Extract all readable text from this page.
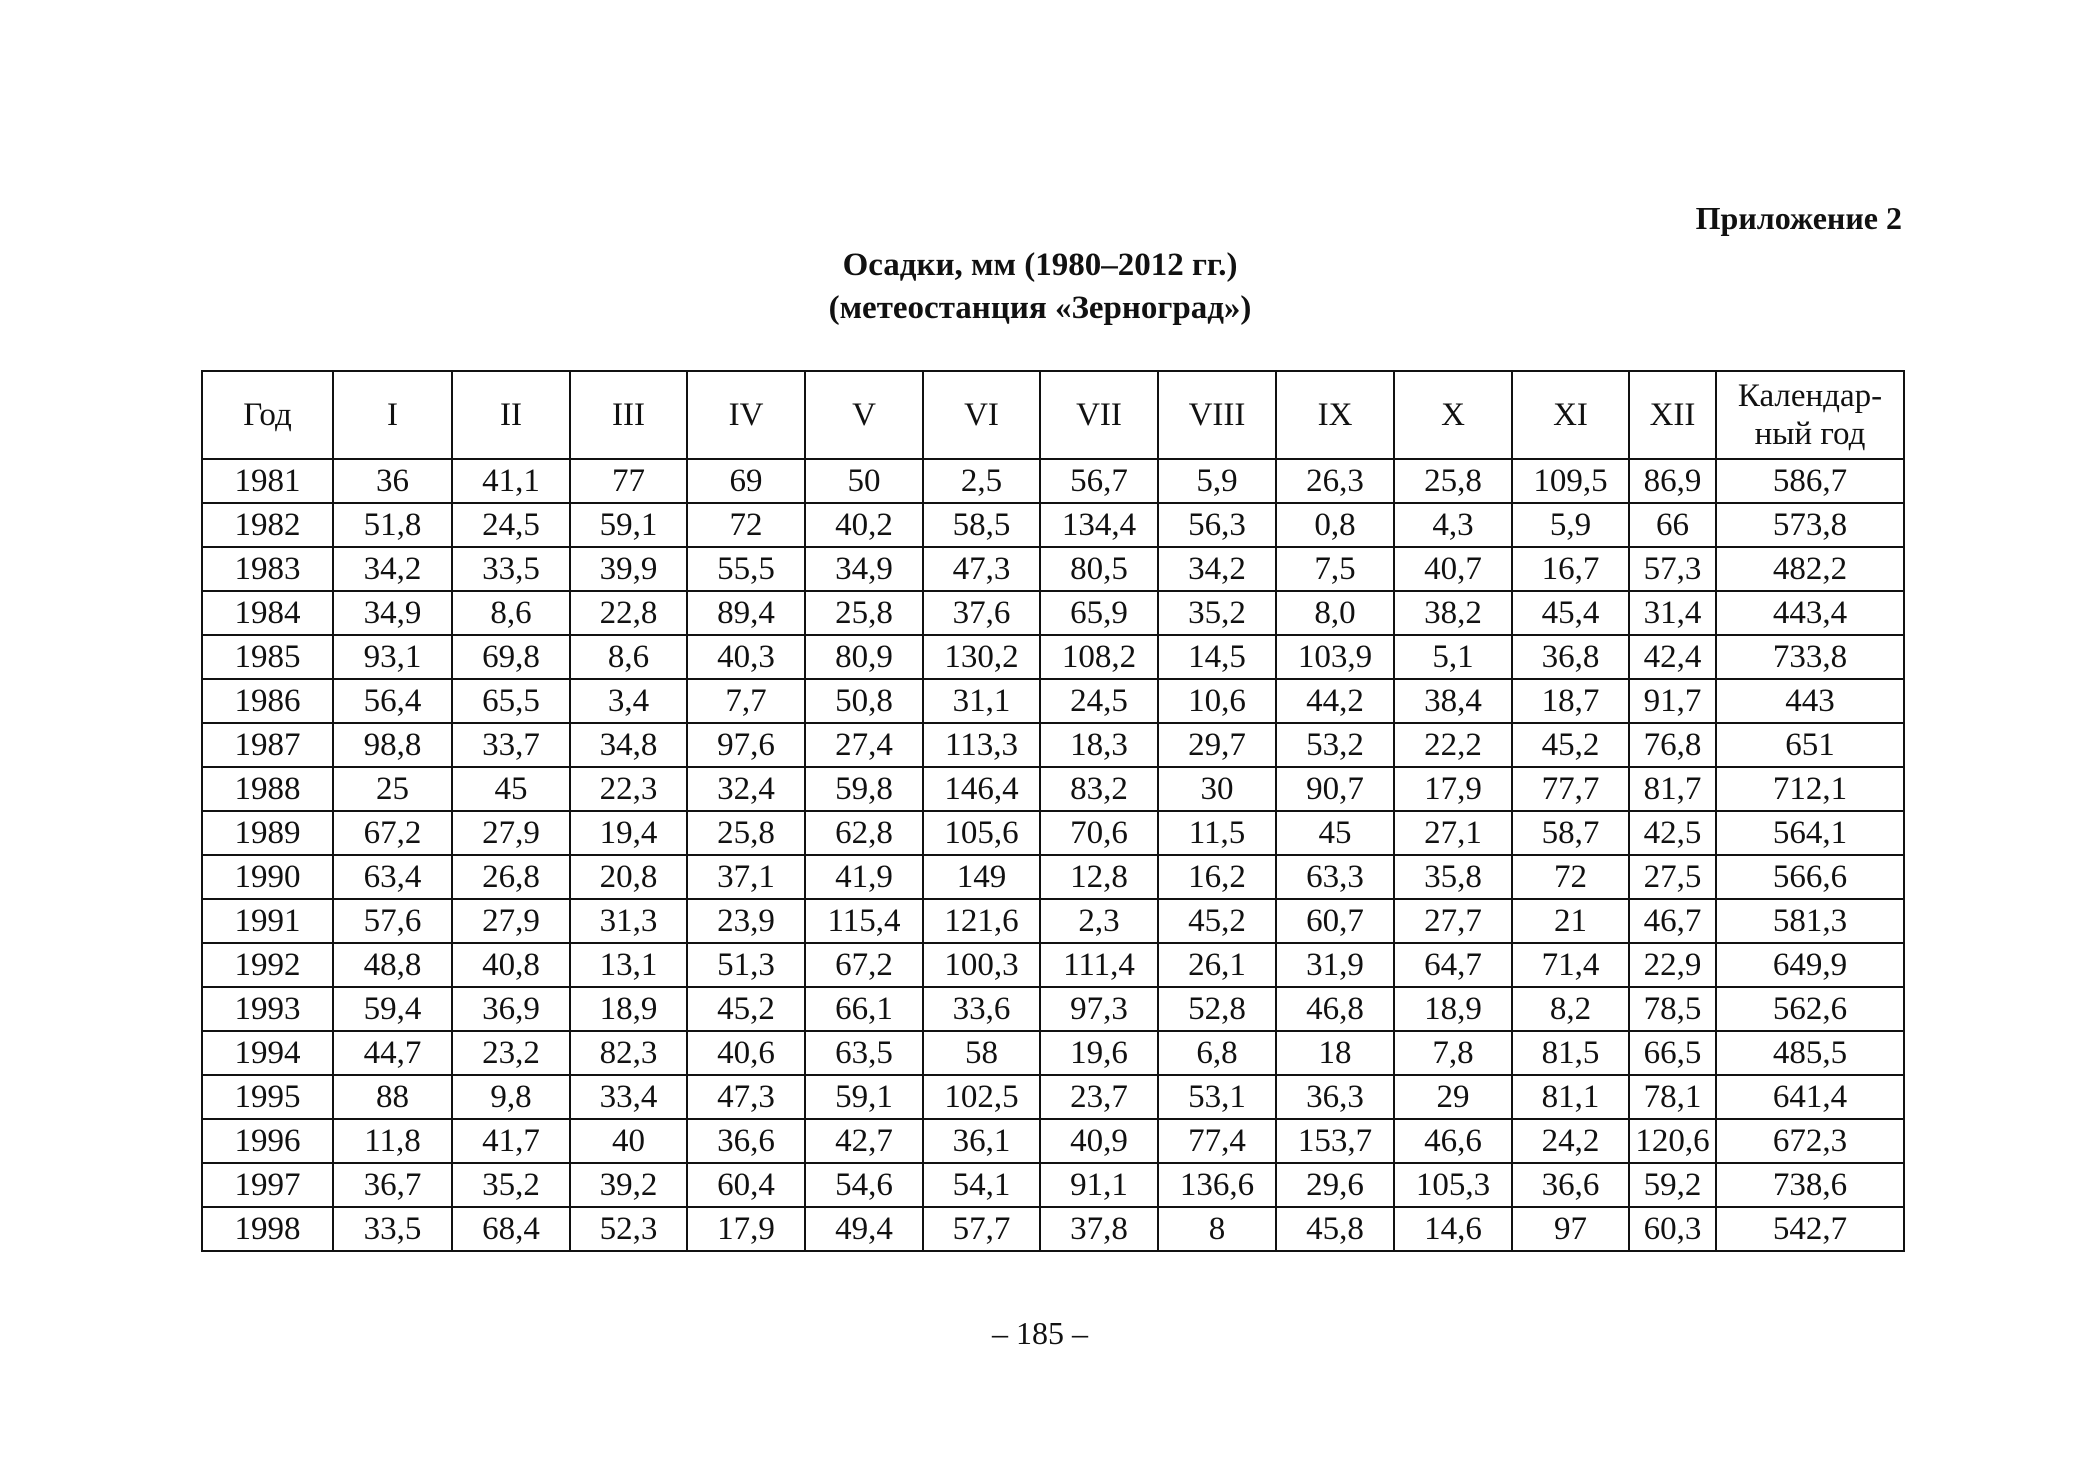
Приложение 2
Осадки, мм (1980–2012 гг.)
(метеостанция «Зерноград»)
Год	I	II	III	IV	V	VI	VII	VIII	IX	X	XI	XII	Календар-ный год
1981	36	41,1	77	69	50	2,5	56,7	5,9	26,3	25,8	109,5	86,9	586,7
1982	51,8	24,5	59,1	72	40,2	58,5	134,4	56,3	0,8	4,3	5,9	66	573,8
1983	34,2	33,5	39,9	55,5	34,9	47,3	80,5	34,2	7,5	40,7	16,7	57,3	482,2
1984	34,9	8,6	22,8	89,4	25,8	37,6	65,9	35,2	8,0	38,2	45,4	31,4	443,4
1985	93,1	69,8	8,6	40,3	80,9	130,2	108,2	14,5	103,9	5,1	36,8	42,4	733,8
1986	56,4	65,5	3,4	7,7	50,8	31,1	24,5	10,6	44,2	38,4	18,7	91,7	443
1987	98,8	33,7	34,8	97,6	27,4	113,3	18,3	29,7	53,2	22,2	45,2	76,8	651
1988	25	45	22,3	32,4	59,8	146,4	83,2	30	90,7	17,9	77,7	81,7	712,1
1989	67,2	27,9	19,4	25,8	62,8	105,6	70,6	11,5	45	27,1	58,7	42,5	564,1
1990	63,4	26,8	20,8	37,1	41,9	149	12,8	16,2	63,3	35,8	72	27,5	566,6
1991	57,6	27,9	31,3	23,9	115,4	121,6	2,3	45,2	60,7	27,7	21	46,7	581,3
1992	48,8	40,8	13,1	51,3	67,2	100,3	111,4	26,1	31,9	64,7	71,4	22,9	649,9
1993	59,4	36,9	18,9	45,2	66,1	33,6	97,3	52,8	46,8	18,9	8,2	78,5	562,6
1994	44,7	23,2	82,3	40,6	63,5	58	19,6	6,8	18	7,8	81,5	66,5	485,5
1995	88	9,8	33,4	47,3	59,1	102,5	23,7	53,1	36,3	29	81,1	78,1	641,4
1996	11,8	41,7	40	36,6	42,7	36,1	40,9	77,4	153,7	46,6	24,2	120,6	672,3
1997	36,7	35,2	39,2	60,4	54,6	54,1	91,1	136,6	29,6	105,3	36,6	59,2	738,6
1998	33,5	68,4	52,3	17,9	49,4	57,7	37,8	8	45,8	14,6	97	60,3	542,7
– 185 –
